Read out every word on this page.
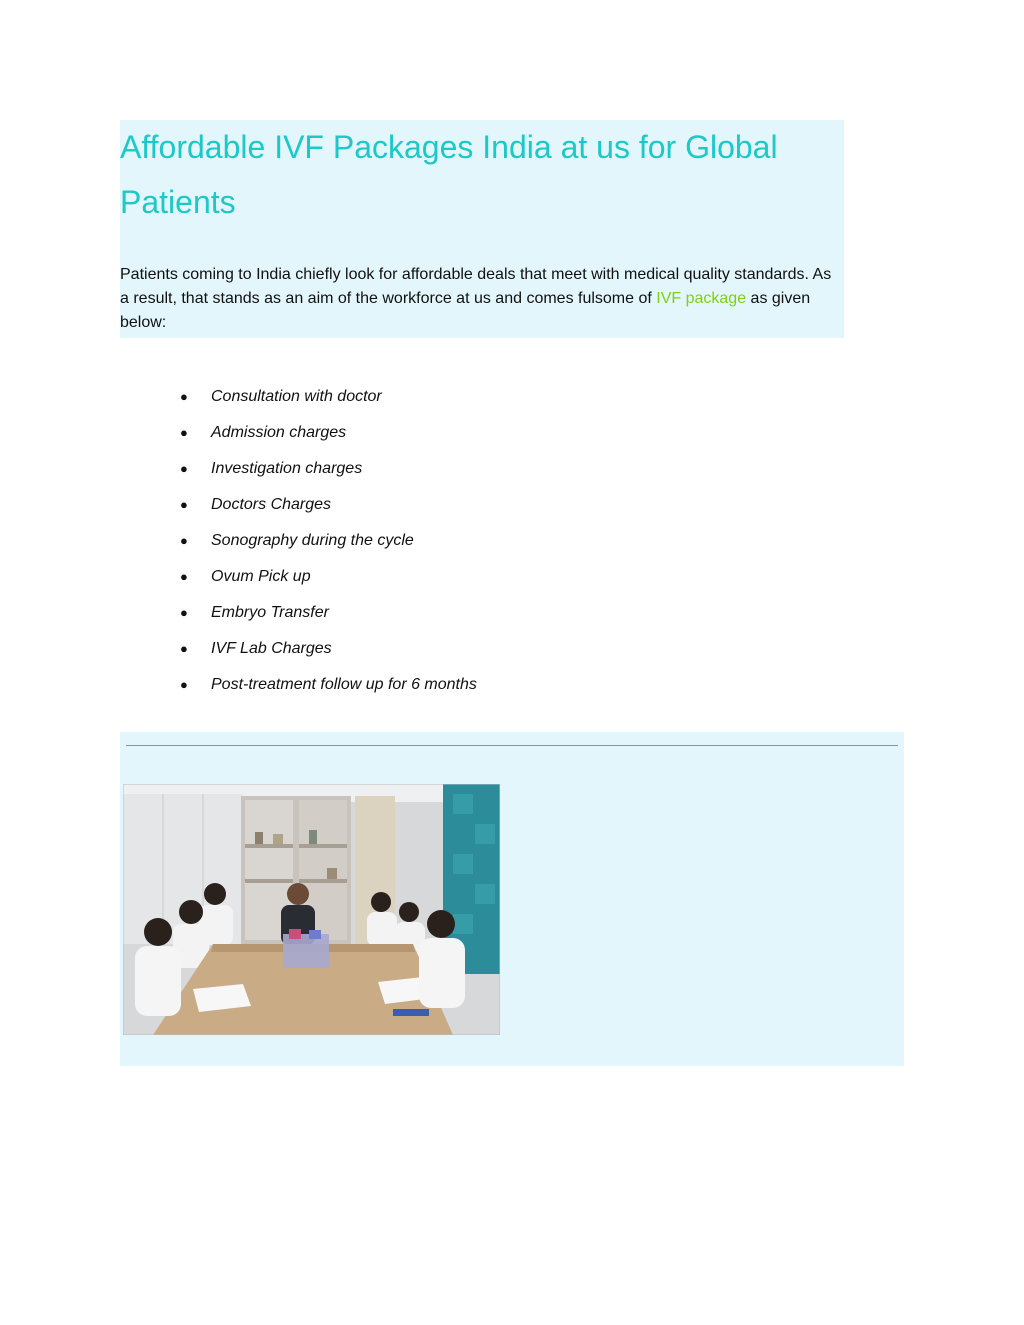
Affordable IVF Packages India at us for Global Patients

Patients coming to India chiefly look for affordable deals that meet with medical quality standards. As a result, that stands as an aim of the workforce at us and comes fulsome of IVF package as given below:

● Consultation with doctor
● Admission charges
● Investigation charges
● Doctors Charges
● Sonography during the cycle
● Ovum Pick up
● Embryo Transfer
● IVF Lab Charges
● Post-treatment follow up for 6 months
